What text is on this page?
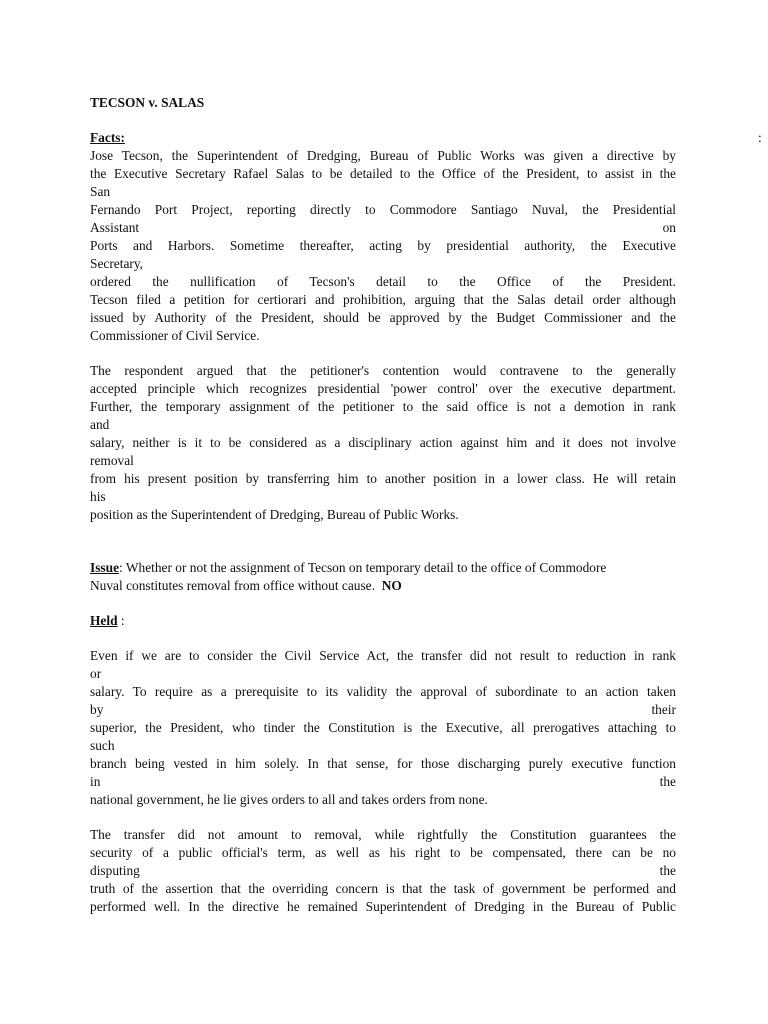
TECSON v. SALAS
Facts:	:
Jose Tecson, the Superintendent of Dredging, Bureau of Public Works was given a directive by
the Executive Secretary Rafael Salas to be detailed to the Office of the President, to assist in the
San
Fernando Port Project, reporting directly to Commodore Santiago Nuval, the Presidential
Assistant                                                                                                    on
Ports and Harbors. Sometime thereafter, acting by presidential authority, the Executive
Secretary,
ordered the nullification of Tecson's detail to the Office of the President.
Tecson filed a petition for certiorari and prohibition, arguing that the Salas detail order although
issued by Authority of the President, should be approved by the Budget Commissioner and the
Commissioner of Civil Service.
The respondent argued that the petitioner's contention would contravene to the generally
accepted principle which recognizes presidential 'power control' over the executive department.
Further, the temporary assignment of the petitioner to the said office is not a demotion in rank
and
salary, neither is it to be considered as a disciplinary action against him and it does not involve
removal
from his present position by transferring him to another position in a lower class. He will retain
his
position as the Superintendent of Dredging, Bureau of Public Works.
Issue: Whether or not the assignment of Tecson on temporary detail to the office of Commodore
Nuval constitutes removal from office without cause. NO
Held :
Even if we are to consider the Civil Service Act, the transfer did not result to reduction in rank
or
salary. To require as a prerequisite to its validity the approval of subordinate to an action taken
by                                                                                                     their
superior, the President, who tinder the Constitution is the Executive, all prerogatives attaching to
such
branch being vested in him solely. In that sense, for those discharging purely executive function
in                                                                                                       the
national government, he lie gives orders to all and takes orders from none.
The transfer did not amount to removal, while rightfully the Constitution guarantees the
security of a public official's term, as well as his right to be compensated, there can be no
disputing                                                                                                 the
truth of the assertion that the overriding concern is that the task of government be performed and
performed well. In the directive he remained Superintendent of Dredging in the Bureau of Public
